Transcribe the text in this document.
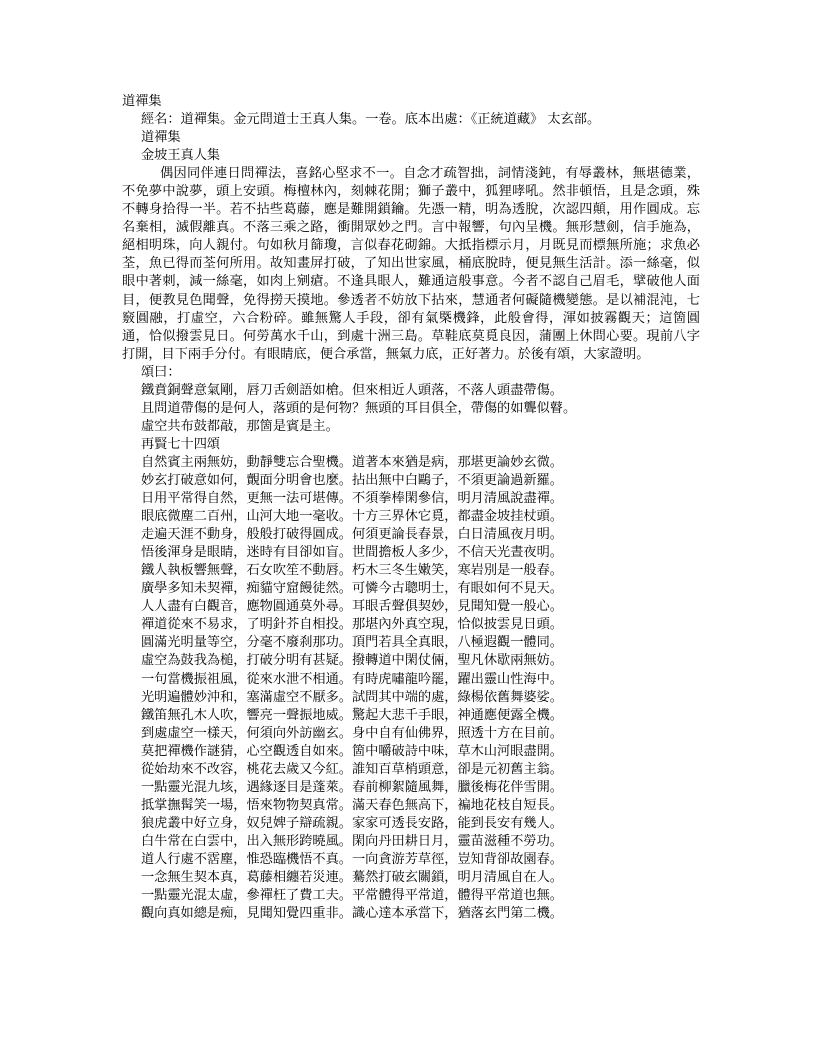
道禪集
經名：道禪集。金元問道士王真人集。一卷。底本出處：《正統道藏》 太玄部。
道禪集
金坡王真人集
偶因同伴連日問禪法，喜銘心堅求不一。自念才疏智拙，詞情淺鈍，有辱叢林，無堪德業，不免夢中說夢，頭上安頭。梅檀林內，刻棘花開；獅子叢中，狐狸哮吼。然非頓悟，且是念頭，殊不轉身拾得一半。若不拈些葛藤，應是難開鎖鑰。先憑一精，明為透脫，次認四顛，用作圓成。忘名棄相，滅假離真。不落三乘之路，衝開眾妙之門。言中報響，句內呈機。無形慧劍，信手施為，絕相明珠，向人親付。句如秋月篩瓊，言似春花砌錦。大抵指標示月，月既見而標無所施；求魚必荃，魚已得而荃何所用。故知畫屏打破，了知出世家風，桶底脫時，便見無生活計。添一絲毫，似眼中著刺，減一絲毫，如肉上剜瘡。不逢具眼人，難通這般事意。今者不認自己眉毛，擘破他人面目，便教見色聞聲，免得撈天摸地。參透者不妨放下拈來，慧通者何礙隨機變態。是以補混沌，七竅圓融，打虛空，六合粉碎。雖無驚人手段，卻有氣槩機鋒，此般會得，渾如披霧觀天；這箇圓通，恰似撥雲見日。何勞萬水千山，到處十洲三島。草鞋底莫覓良因，蒲團上休問心要。現前八字打開，目下兩手分付。有眼睛底，便合承當，無氣力底，正好著力。於後有頌，大家證明。
頌曰：
鐵賁銅聲意氣剛，唇刀舌劍語如槍。但來相近人頭落，不落人頭盡帶傷。
且問道帶傷的是何人，落頭的是何物？無頭的耳目俱全，帶傷的如聾似瞽。
虛空共布鼓都敲，那箇是賓是主。
再賢七十四頌
自然賓主兩無妨，動靜雙忘合聖機。道著本來猶是病，那堪更論妙玄微。
妙玄打破意如何，覿面分明會也麼。拈出無中白鷗子，不須更論過新羅。
日用平常得自然，更無一法可堪傳。不須拳棒閑參信，明月清風說盡禪。
眼底微塵二百州，山河大地一毫收。十方三界休它覓，都盡金坡挂杖頭。
走遍天涯不動身，般般打破得圓成。何須更論長春景，白日清風夜月明。
悟後渾身是眼睛，迷時有目卻如盲。世間擔板人多少，不信天光晝夜明。
鐵人執板響無聲，石女吹笙不動唇。朽木三冬生嫩笑，寒岩別是一般春。
廣學多知未契禪，痴貓守窟饅徒然。可憐今古聰明士，有眼如何不見天。
人人盡有白觀音，應物圓通莫外尋。耳眼舌聲俱契妙，見聞知覺一般心。
禪道從來不易求，了明針芥自相投。那堪內外真空現，恰似披雲見日頭。
圓滿光明量等空，分毫不廢刹那功。頂門若具全真眼，八極遐觀一體同。
虛空為鼓我為槌，打破分明有甚疑。撥轉道中閑仗倆，聖凡休歇兩無妨。
一句當機振祖風，從來水泄不相通。有時虎嘯龍吟罷，躍出靈山性海中。
光明遍體妙沖和，塞滿虛空不厭多。試問其中端的處，綠楊依舊舞婆娑。
鐵笛無孔木人吹，響亮一聲振地威。驚起大悲千手眼，神通應便露全機。
到處虛空一樣天，何須向外訪幽玄。身中自有仙佛界，照透十方在目前。
莫把禪機作謎猜，心空觀透自如來。箇中嚼破詩中味，草木山河眼盡開。
從始劫來不改容，桃花去歲又今紅。誰知百草梢頭意，卻是元初舊主翁。
一點靈光混九垓，遇緣逐目是蓬萊。春前柳絮隨風舞，臘後梅花伴雪開。
抵掌撫髯笑一場，悟來物物契真常。滿天春色無高下，褊地花枝自短長。
狼虎叢中好立身，奴兒婢子辯疏親。家家可透長安路，能到長安有幾人。
白牛常在白雲中，出入無形跨曉風。閑向丹田耕日月，靈苗滋種不勞功。
道人行處不霑塵，惟恐臨機悟不真。一向貪游芳草徑，豈知背卻故園春。
一念無生契本真，葛藤相纏若災連。驀然打破玄關鎖，明月清風自在人。
一點靈光混太虛，參禪枉了費工夫。平常體得平常道，體得平常道也無。
觀向真如總是痴，見聞知覺四重非。識心達本承當下，猶落玄門第二機。
